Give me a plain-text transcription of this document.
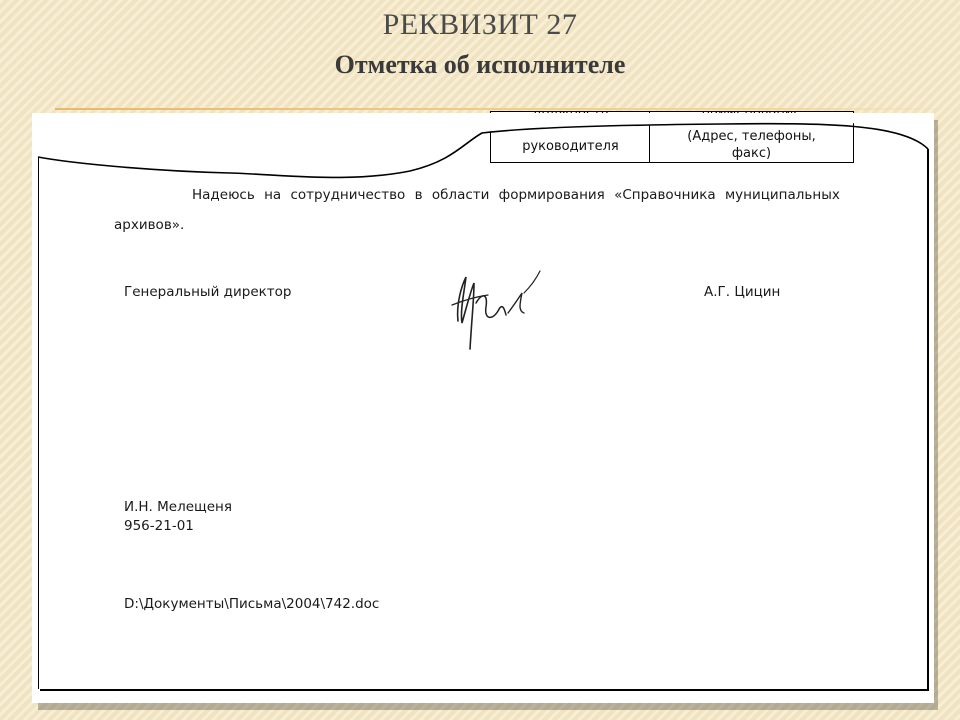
РЕКВИЗИТ 27
Отметка об исполнителе
руководителя
(Адрес, телефоны,
факс)
Надеюсь на сотрудничество в области формирования «Справочника муниципальных
архивов».
Генеральный директор	А.Г. Цицин
И.Н. Мелещеня
956-21-01
D:\Документы\Письма\2004\742.doc
